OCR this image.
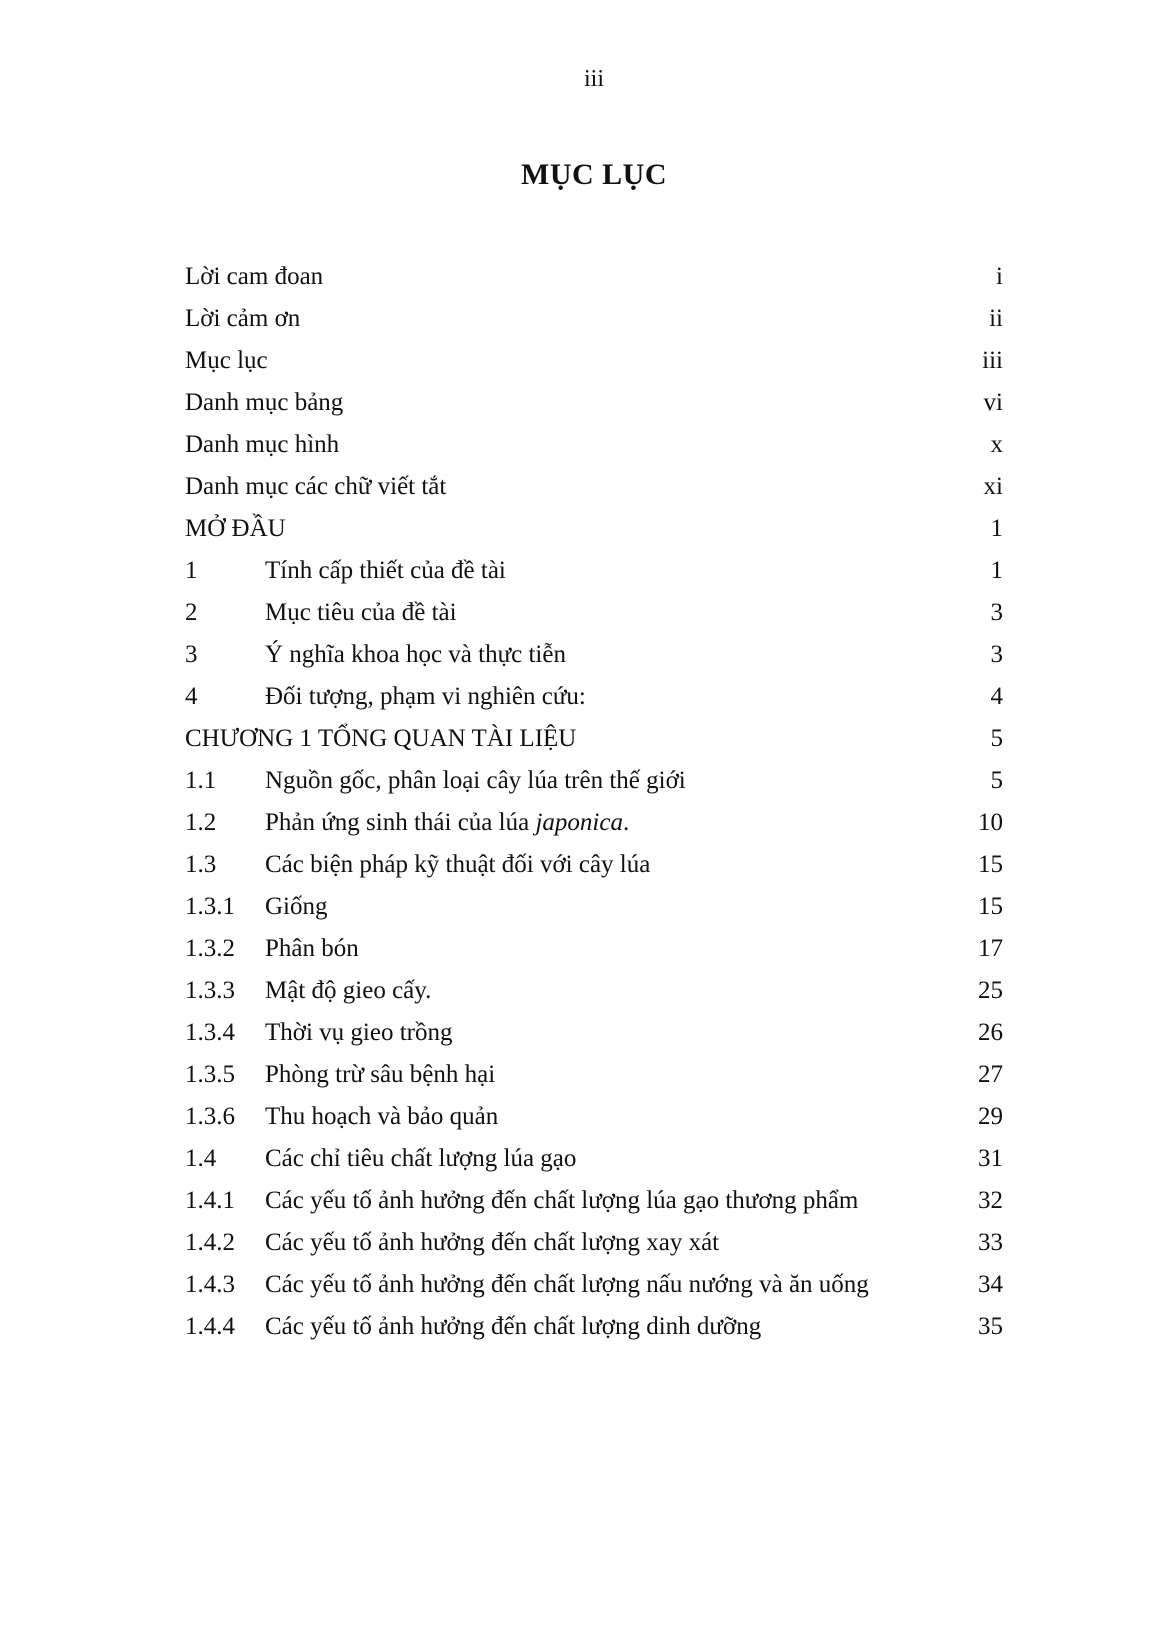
iii
MỤC LỤC
Lời cam đoan	i
Lời cảm ơn	ii
Mục lục	iii
Danh mục bảng	vi
Danh mục hình	x
Danh mục các chữ viết tắt	xi
MỞ ĐẦU	1
1	Tính cấp thiết của đề tài	1
2	Mục tiêu của đề tài	3
3	Ý nghĩa khoa học và thực tiễn	3
4	Đối tượng, phạm vi nghiên cứu:	4
CHƯƠNG 1 TỔNG QUAN TÀI LIỆU	5
1.1 Nguồn gốc, phân loại cây lúa trên thế giới	5
1.2 Phản ứng sinh thái của lúa japonica.	10
1.3 Các biện pháp kỹ thuật đối với cây lúa	15
1.3.1 Giống	15
1.3.2 Phân bón	17
1.3.3 Mật độ gieo cấy.	25
1.3.4 Thời vụ gieo trồng	26
1.3.5 Phòng trừ sâu bệnh hại	27
1.3.6 Thu hoạch và bảo quản	29
1.4 Các chỉ tiêu chất lượng lúa gạo	31
1.4.1 Các yếu tố ảnh hưởng đến chất lượng lúa gạo thương phẩm	32
1.4.2 Các yếu tố ảnh hưởng đến chất lượng xay xát	33
1.4.3 Các yếu tố ảnh hưởng đến chất lượng nấu nướng và ăn uống	34
1.4.4 Các yếu tố ảnh hưởng đến chất lượng dinh dưỡng	35
